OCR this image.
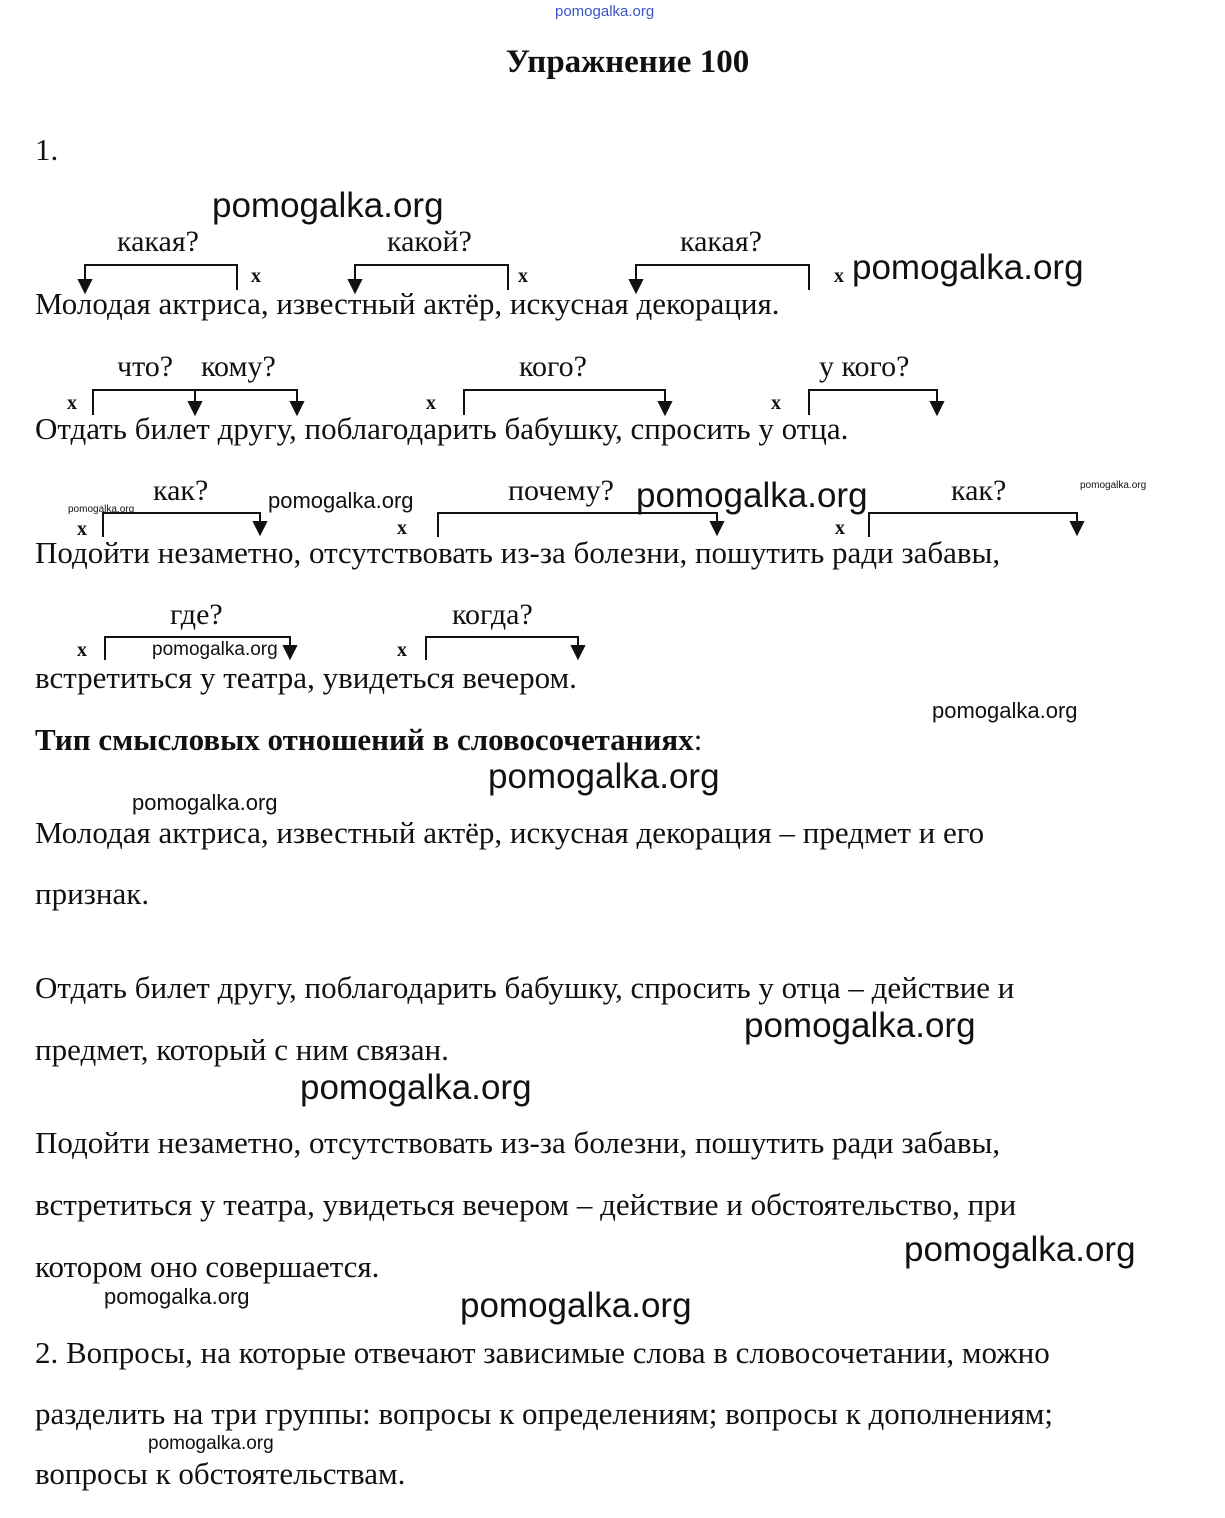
pomogalka.org
Упражнение 100
1.
какая?	какой?	какая?
x	x	x
Молодая актриса, известный актёр, искусная декорация.
что? кому?	кого?	у кого?
x	x	x
Отдать билет другу, поблагодарить бабушку, спросить у отца.
как?	почему?	как?
x	x	x
Подойти незаметно, отсутствовать из-за болезни, пошутить ради забавы,
где?	когда?
x	x
встретиться у театра, увидеться вечером.
Тип смысловых отношений в словосочетаниях:
Молодая актриса, известный актёр, искусная декорация – предмет и его
признак.
Отдать билет другу, поблагодарить бабушку, спросить у отца – действие и
предмет, который с ним связан.
Подойти незаметно, отсутствовать из-за болезни, пошутить ради забавы,
встретиться у театра, увидеться вечером – действие и обстоятельство, при
котором оно совершается.
2. Вопросы, на которые отвечают зависимые слова в словосочетании, можно
разделить на три группы: вопросы к определениям; вопросы к дополнениям;
вопросы к обстоятельствам.
pomogalka.org
pomogalka.org
pomogalka.org	pomogalka.org	pomogalka.org
pomogalka.org
pomogalka.org
pomogalka.org
pomogalka.org
pomogalka.org
pomogalka.org
pomogalka.org
pomogalka.org
pomogalka.org	pomogalka.org
pomogalka.org
